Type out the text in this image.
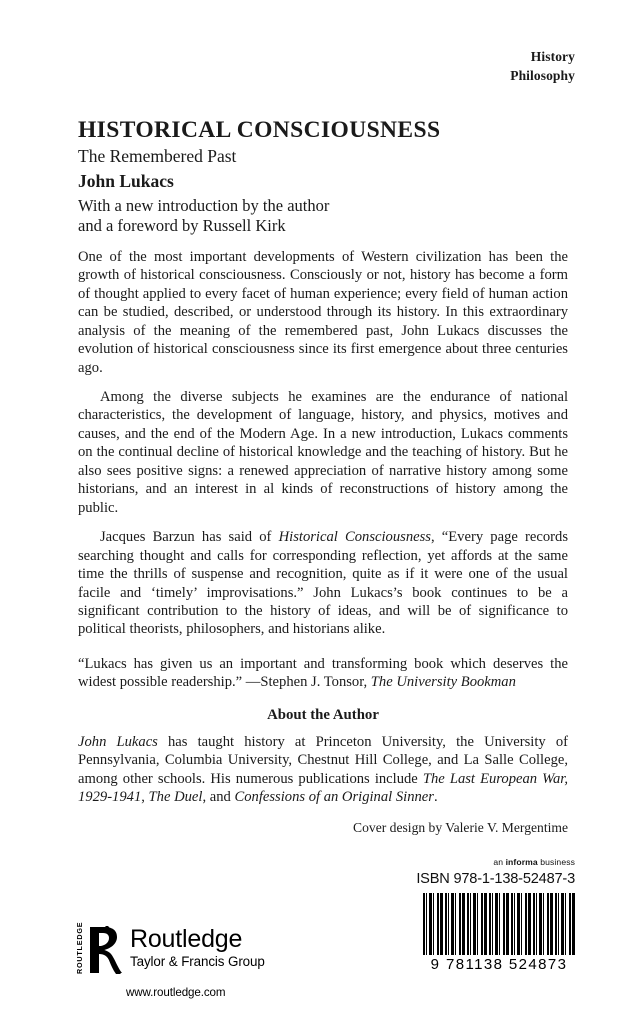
History
Philosophy
HISTORICAL CONSCIOUSNESS
The Remembered Past
John Lukacs
With a new introduction by the author
and a foreword by Russell Kirk

One of the most important developments of Western civilization has been the growth of historical consciousness. Consciously or not, history has become a form of thought applied to every facet of human experience; every field of human action can be studied, described, or understood through its history. In this extraordinary analysis of the meaning of the remembered past, John Lukacs discusses the evolution of historical consciousness since its first emergence about three centuries ago.

Among the diverse subjects he examines are the endurance of national characteristics, the development of language, history, and physics, motives and causes, and the end of the Modern Age. In a new introduction, Lukacs comments on the continual decline of historical knowledge and the teaching of history. But he also sees positive signs: a renewed appreciation of narrative history among some historians, and an interest in al kinds of reconstructions of history among the public.

Jacques Barzun has said of Historical Consciousness, “Every page records searching thought and calls for corresponding reflection, yet affords at the same time the thrills of suspense and recognition, quite as if it were one of the usual facile and ‘timely’ improvisations.” John Lukacs’s book continues to be a significant contribution to the history of ideas, and will be of significance to political theorists, philosophers, and historians alike.

“Lukacs has given us an important and transforming book which deserves the widest possible readership.” —Stephen J. Tonsor, The University Bookman

About the Author

John Lukacs has taught history at Princeton University, the University of Pennsylvania, Columbia University, Chestnut Hill College, and La Salle College, among other schools. His numerous publications include The Last European War, 1929-1941, The Duel, and Confessions of an Original Sinner.

Cover design by Valerie V. Mergentime
an informa business
ISBN 978-1-138-52487-3
9 781138 524873
ROUTLEDGE Routledge
Taylor & Francis Group
www.routledge.com
